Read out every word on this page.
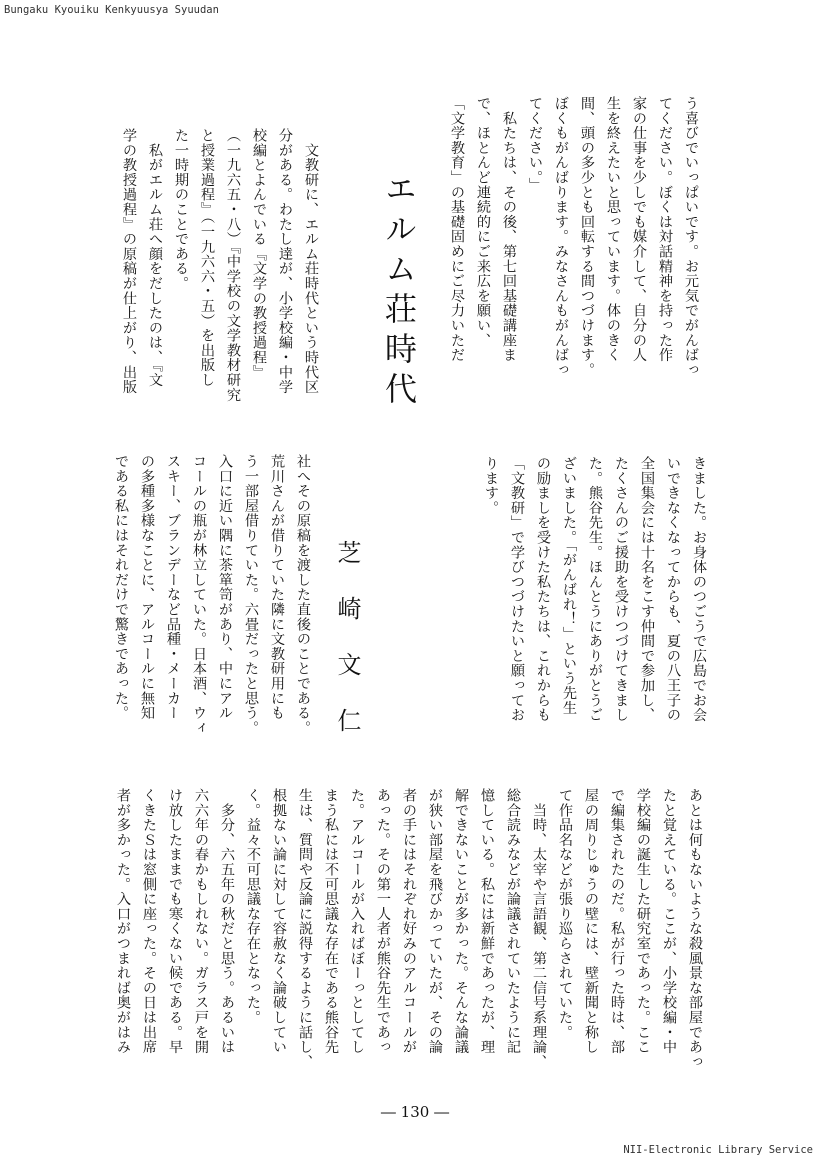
Bungaku Kyouiku Kenkyuusya Syuudan
う喜びでいっぱいです。お元気でがんばっ
てください。ぼくは対話精神を持った作
家の仕事を少しでも媒介して、自分の人
生を終えたいと思っています。体のきく
間、頭の多少とも回転する間つづけます。
ぼくもがんばります。みなさんもがんばっ
てください。」
　私たちは、その後、第七回基礎講座ま
で、ほとんど連続的にご来広を願い、
「文学教育」の基礎固めにご尽力いただ
エルム荘時代
　文教研に、エルム荘時代という時代区
分がある。わたし達が、小学校編・中学
校編とよんでいる『文学の教授過程』
（一九六五・八）『中学校の文学教材研究
と授業過程』（一九六六・五）を出版し
た一時期のことである。
　私がエルム荘へ顔をだしたのは、『文
学の教授過程』の原稿が仕上がり、出版
きました。お身体のつごうで広島でお会
いできなくなってからも、夏の八王子の
全国集会には十名をこす仲間で参加し、
たくさんのご援助を受けつづけてきまし
た。熊谷先生。ほんとうにありがとうご
ざいました。「がんばれ！」という先生
の励ましを受けた私たちは、これからも
「文教研」で学びつづけたいと願ってお
ります。
芝崎文仁
社へその原稿を渡した直後のことである。
荒川さんが借りていた隣に文教研用にも
う一部屋借りていた。六畳だったと思う。
入口に近い隅に茶箪笥があり、中にアル
コールの瓶が林立していた。日本酒、ウィ
スキー、ブランデーなど品種・メーカー
の多種多様なことに、アルコールに無知
である私にはそれだけで驚きであった。
あとは何もないような殺風景な部屋であっ
たと覚えている。ここが、小学校編・中
学校編の誕生した研究室であった。ここ
で編集されたのだ。私が行った時は、部
屋の周りじゅうの壁には、壁新聞と称し
て作品名などが張り巡らされていた。
　当時、太宰や言語観、第二信号系理論、
総合読みなどが論議されていたように記
憶している。私には新鮮であったが、理
解できないことが多かった。そんな論議
が狭い部屋を飛びかっていたが、その論
者の手にはそれぞれ好みのアルコールが
あった。その第一人者が熊谷先生であっ
た。アルコールが入ればぼーっとしてし
まう私には不可思議な存在である熊谷先
生は、質問や反論に説得するように話し、
根拠ない論に対して容赦なく論破してい
く。益々不可思議な存在となった。
　多分、六五年の秋だと思う。あるいは
六六年の春かもしれない。ガラス戸を開
け放したままでも寒くない候である。早
くきたＳは窓側に座った。その日は出席
者が多かった。入口がつまれば奥がはみ
― 130 ―
NII-Electronic Library Service
